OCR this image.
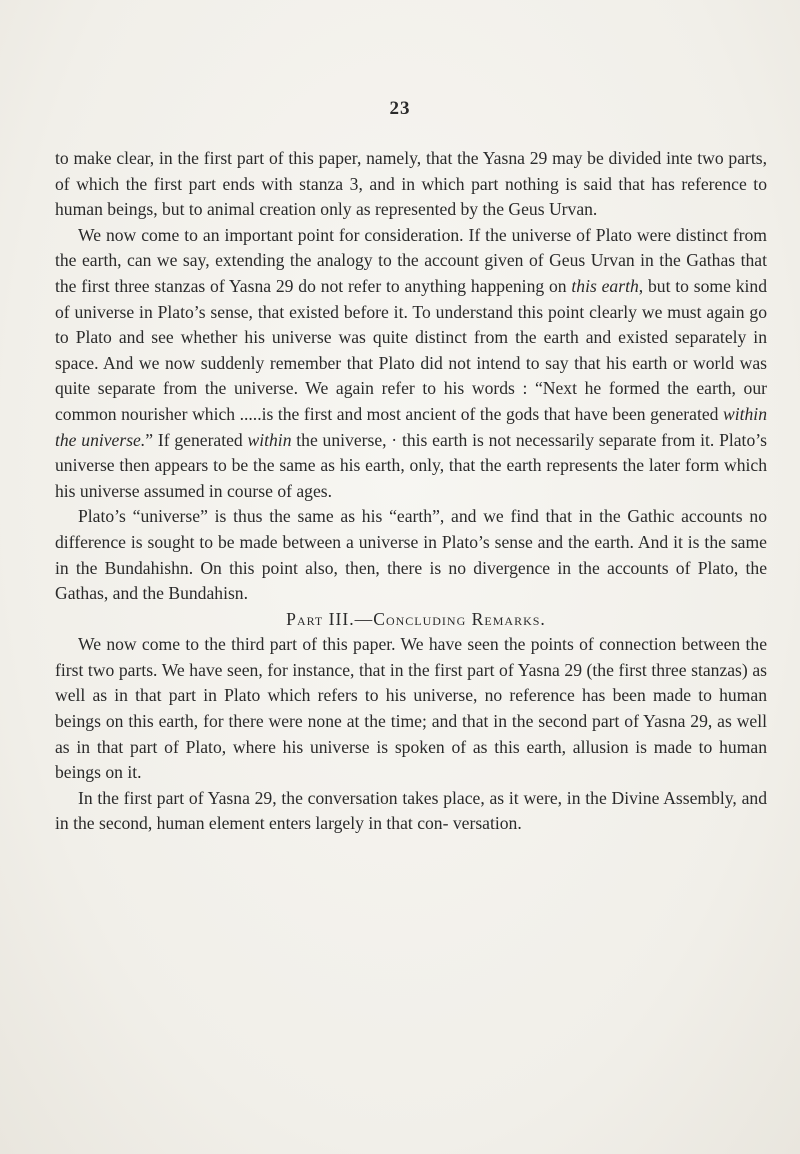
23

to make clear, in the first part of this paper, namely, that the Yasna 29 may be divided inte two parts, of which the first part ends with stanza 3, and in which part nothing is said that has reference to human beings, but to animal creation only as represented by the Geus Urvan.

We now come to an important point for consideration. If the universe of Plato were distinct from the earth, can we say, extending the analogy to the account given of Geus Urvan in the Gathas that the first three stanzas of Yasna 29 do not refer to anything happening on this earth, but to some kind of universe in Plato’s sense, that existed before it. To understand this point clearly we must again go to Plato and see whether his universe was quite distinct from the earth and existed separately in space. And we now suddenly remember that Plato did not intend to say that his earth or world was quite separate from the universe. We again refer to his words : “Next he formed the earth, our common nourisher which .....is the first and most ancient of the gods that have been generated within the universe.” If generated within the universe, · this earth is not necessarily separate from it. Plato’s universe then appears to be the same as his earth, only, that the earth represents the later form which his universe assumed in course of ages.

Plato’s “universe” is thus the same as his “earth”, and we find that in the Gathic accounts no difference is sought to be made between a universe in Plato’s sense and the earth. And it is the same in the Bundahishn. On this point also, then, there is no divergence in the accounts of Plato, the Gathas, and the Bundahisn.

Part III.—Concluding Remarks.

We now come to the third part of this paper. We have seen the points of connection between the first two parts. We have seen, for instance, that in the first part of Yasna 29 (the first three stanzas) as well as in that part in Plato which refers to his universe, no reference has been made to human beings on this earth, for there were none at the time; and that in the second part of Yasna 29, as well as in that part of Plato, where his universe is spoken of as this earth, allusion is made to human beings on it.

In the first part of Yasna 29, the conversation takes place, as it were, in the Divine Assembly, and in the second, human element enters largely in that con- versation.
